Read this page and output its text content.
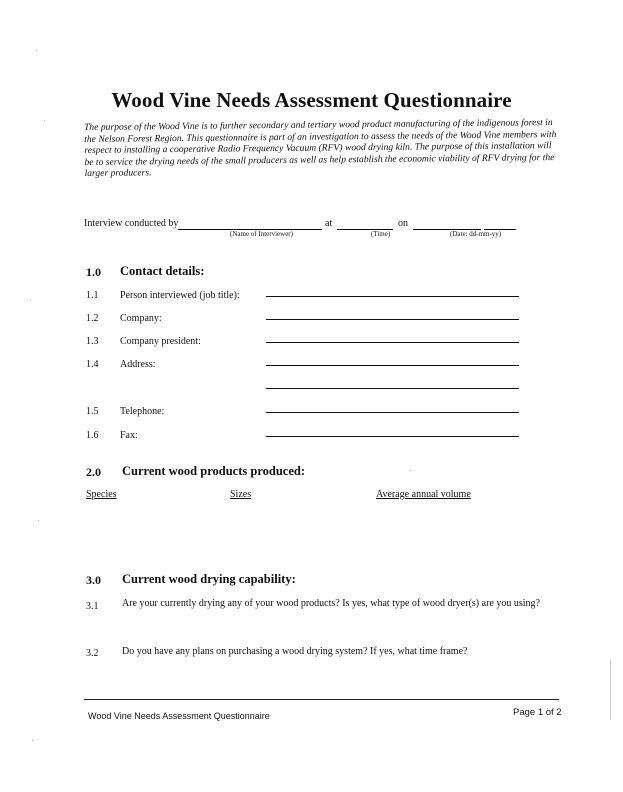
Wood Vine Needs Assessment Questionnaire
The purpose of the Wood Vine is to further secondary and tertiary wood product manufacturing of the indigenous forest in the Nelson Forest Region. This questionnaire is part of an investigation to assess the needs of the Wood Vine members with respect to installing a cooperative Radio Frequency Vacuum (RFV) wood drying kiln. The purpose of this installation will be to service the drying needs of the small producers as well as help establish the economic viability of RFV drying for the larger producers.
Interview conducted by
(Name of Interviewer)
at
(Time)
on
(Date: dd-mm-yy)
1.0 Contact details:
1.1 Person interviewed (job title):
1.2 Company:
1.3 Company president:
1.4 Address:
1.5 Telephone:
1.6 Fax:
2.0 Current wood products produced:
Species	Sizes	Average annual volume
3.0 Current wood drying capability:
3.1 Are your currently drying any of your wood products? Is yes, what type of wood dryer(s) are you using?
3.2 Do you have any plans on purchasing a wood drying system? If yes, what time frame?
Wood Vine Needs Assessment Questionnaire	Page 1 of 2
